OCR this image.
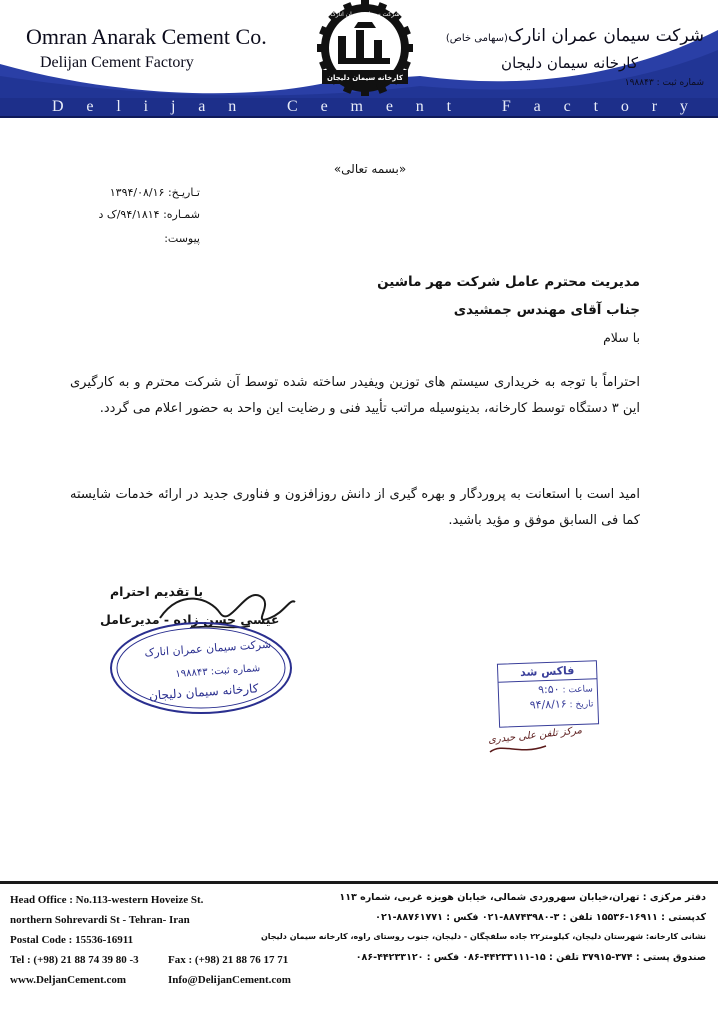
Omran Anarak Cement Co.
Delijan Cement Factory
شرکت سیمان عمران انارک(سهامی خاص)
کارخانه سیمان دلیجان
شماره ثبت : ۱۹۸۸۴۳
D e l i j a n	C e m e n t	F a c t o r y
شرکت سیمان عمران انارک
کارخانه سیمان دلیجان
«بسمه تعالی»
تـاریـخ: ۱۳۹۴/۰۸/۱۶
شمـاره: ۹۴/۱۸۱۴/ک د
پیوست:
مدیریت محترم عامل شرکت مهر ماشین
جناب آقای مهندس جمشیدی
با سلام
احتراماً با توجه به خریداری سیستم های توزین ویفیدر ساخته شده توسط آن شرکت محترم و به کارگیری این ۳ دستگاه توسط کارخانه، بدینوسیله مراتب تأیید فنی و رضایت این واحد به حضور اعلام می گردد.
امید است با استعانت به پروردگار و بهره گیری از دانش روزافزون و فناوری جدید در ارائه خدمات شایسته کما فی السابق موفق و مؤید باشید.
با تقدیم احترام
عیسی حسن زاده - مدیرعامل
شرکت سیمان عمران انارک
شماره ثبت: ۱۹۸۸۴۳
کارخانه سیمان دلیجان
فاکس شد
ساعت : ۹:۵۰
تاریخ : ۹۴/۸/۱۶
مرکز تلفن علی حیدری
Head Office : No.113-western Hoveize St.
northern Sohrevardi St - Tehran- Iran
Postal Code : 15536-16911
Tel : (+98) 21 88 74 39 80 -3	Fax : (+98) 21 88 76 17 71
www.DeljanCement.com	Info@DelijanCement.com
دفتر مرکزی : تهران،خیابان سهروردی شمالی، خیابان هویزه غربی، شماره ۱۱۳
کدپستی : ۱۶۹۱۱-۱۵۵۳۶ تلفن : ۳-۸۸۷۴۳۹۸۰-۰۲۱ فکس : ۸۸۷۶۱۷۷۱-۰۲۱
نشانی کارخانه: شهرستان دلیجان، کیلومتر۲۲ جاده سلفچگان - دلیجان، جنوب روستای راوه، کارخانه سیمان دلیجان
صندوق پستی : ۳۷۴-۳۷۹۱۵ تلفن : ۱۵-۴۴۲۳۳۱۱۱-۰۸۶ فکس : ۴۴۲۳۳۱۲۰-۰۸۶
